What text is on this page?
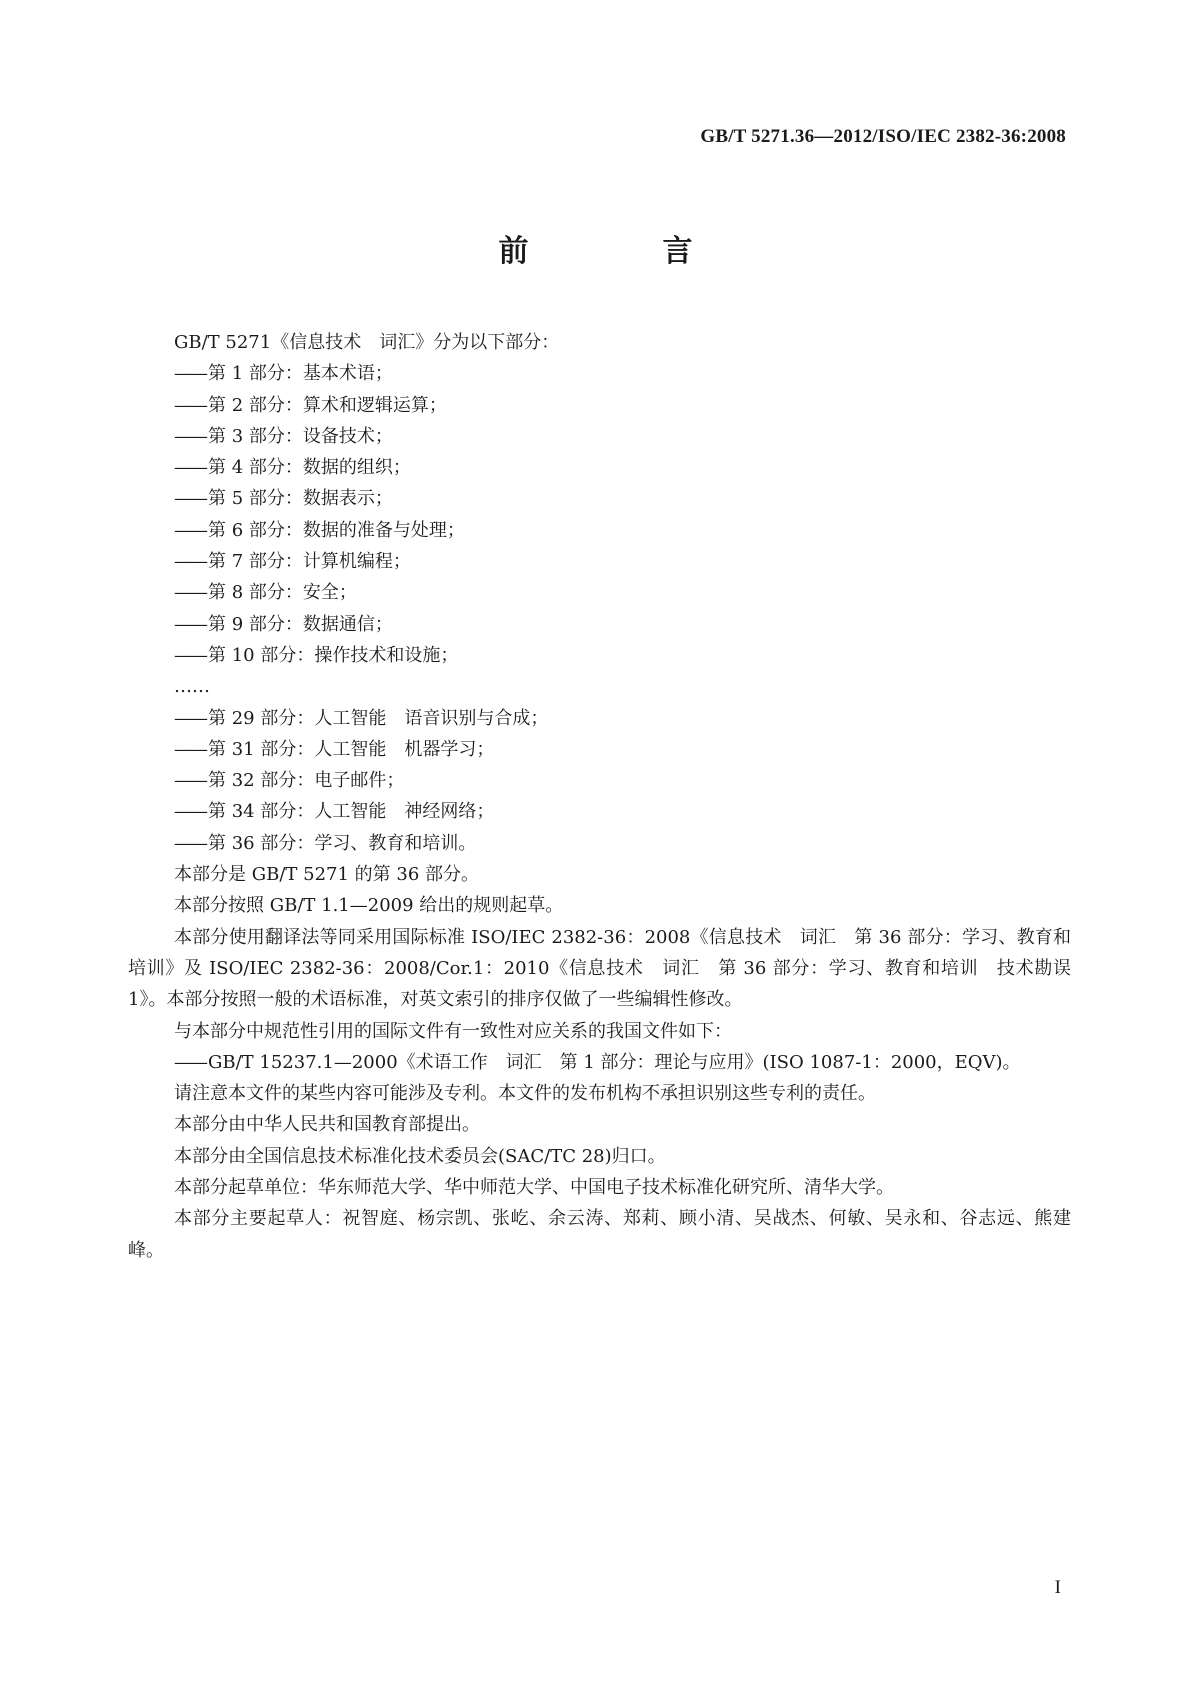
GB/T 5271.36—2012/ISO/IEC 2382-36:2008
前　言

GB/T 5271《信息技术　词汇》分为以下部分：

—— 第 1 部分：基本术语；

—— 第 2 部分：算术和逻辑运算；

—— 第 3 部分：设备技术；

—— 第 4 部分：数据的组织；

—— 第 5 部分：数据表示；

—— 第 6 部分：数据的准备与处理；

—— 第 7 部分：计算机编程；

—— 第 8 部分：安全；

—— 第 9 部分：数据通信；

—— 第 10 部分：操作技术和设施；

……

—— 第 29 部分：人工智能　语音识别与合成；

—— 第 31 部分：人工智能　机器学习；

—— 第 32 部分：电子邮件；

—— 第 34 部分：人工智能　神经网络；

—— 第 36 部分：学习、教育和培训。

本部分是 GB/T 5271 的第 36 部分。

本部分按照 GB/T 1.1—2009 给出的规则起草。

本部分使用翻译法等同采用国际标准 ISO/IEC 2382-36：2008《信息技术　词汇　第 36 部分：学习、教育和培训》及 ISO/IEC 2382-36：2008/Cor.1：2010《信息技术　词汇　第 36 部分：学习、教育和培训　技术勘误 1》。本部分按照一般的术语标准，对英文索引的排序仅做了一些编辑性修改。

与本部分中规范性引用的国际文件有一致性对应关系的我国文件如下：

—— GB/T 15237.1—2000《术语工作　词汇　第 1 部分：理论与应用》(ISO 1087-1：2000，EQV)。

请注意本文件的某些内容可能涉及专利。本文件的发布机构不承担识别这些专利的责任。

本部分由中华人民共和国教育部提出。

本部分由全国信息技术标准化技术委员会(SAC/TC 28)归口。

本部分起草单位：华东师范大学、华中师范大学、中国电子技术标准化研究所、清华大学。

本部分主要起草人：祝智庭、杨宗凯、张屹、余云涛、郑莉、顾小清、吴战杰、何敏、吴永和、谷志远、熊建峰。

I
